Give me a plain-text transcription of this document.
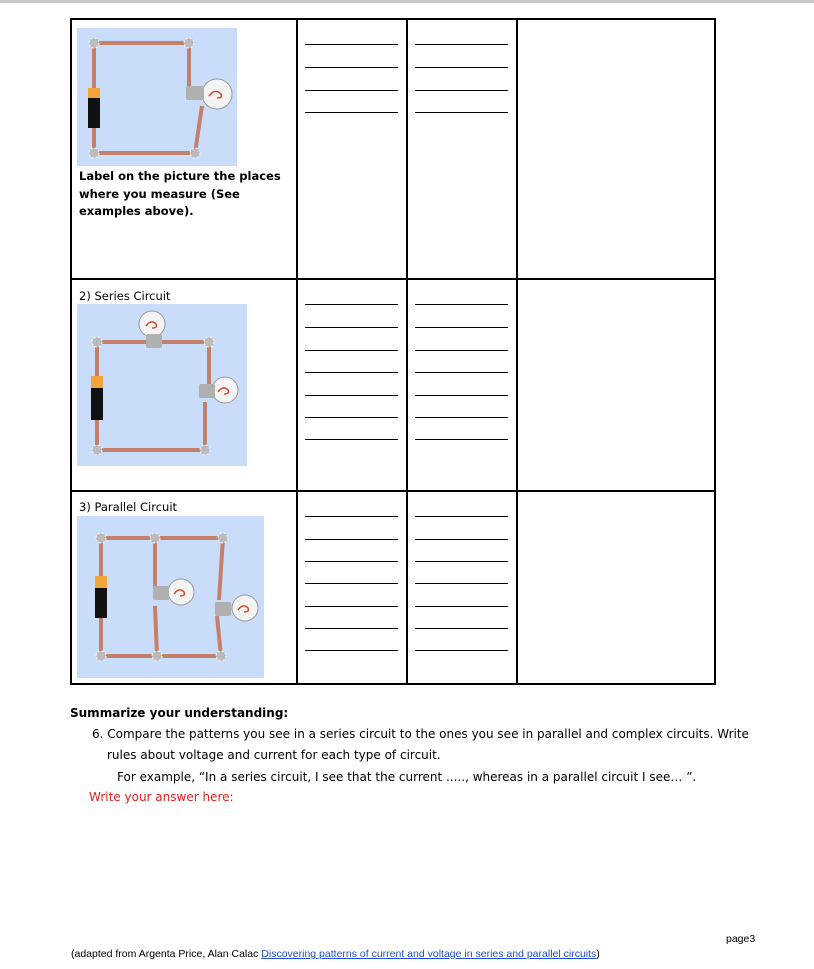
Label on the picture the places where you measure (See examples above).
2) Series Circuit
3) Parallel Circuit
Summarize your understanding:
6. Compare the patterns you see in a series circuit to the ones you see in parallel and complex circuits. Write
rules about voltage and current for each type of circuit.
For example, “In a series circuit, I see that the current ....., whereas in a parallel circuit I see… ”.
Write your answer here:
(adapted from Argenta Price, Alan Calac Discovering patterns of current and voltage in series and parallel circuits)
page3
